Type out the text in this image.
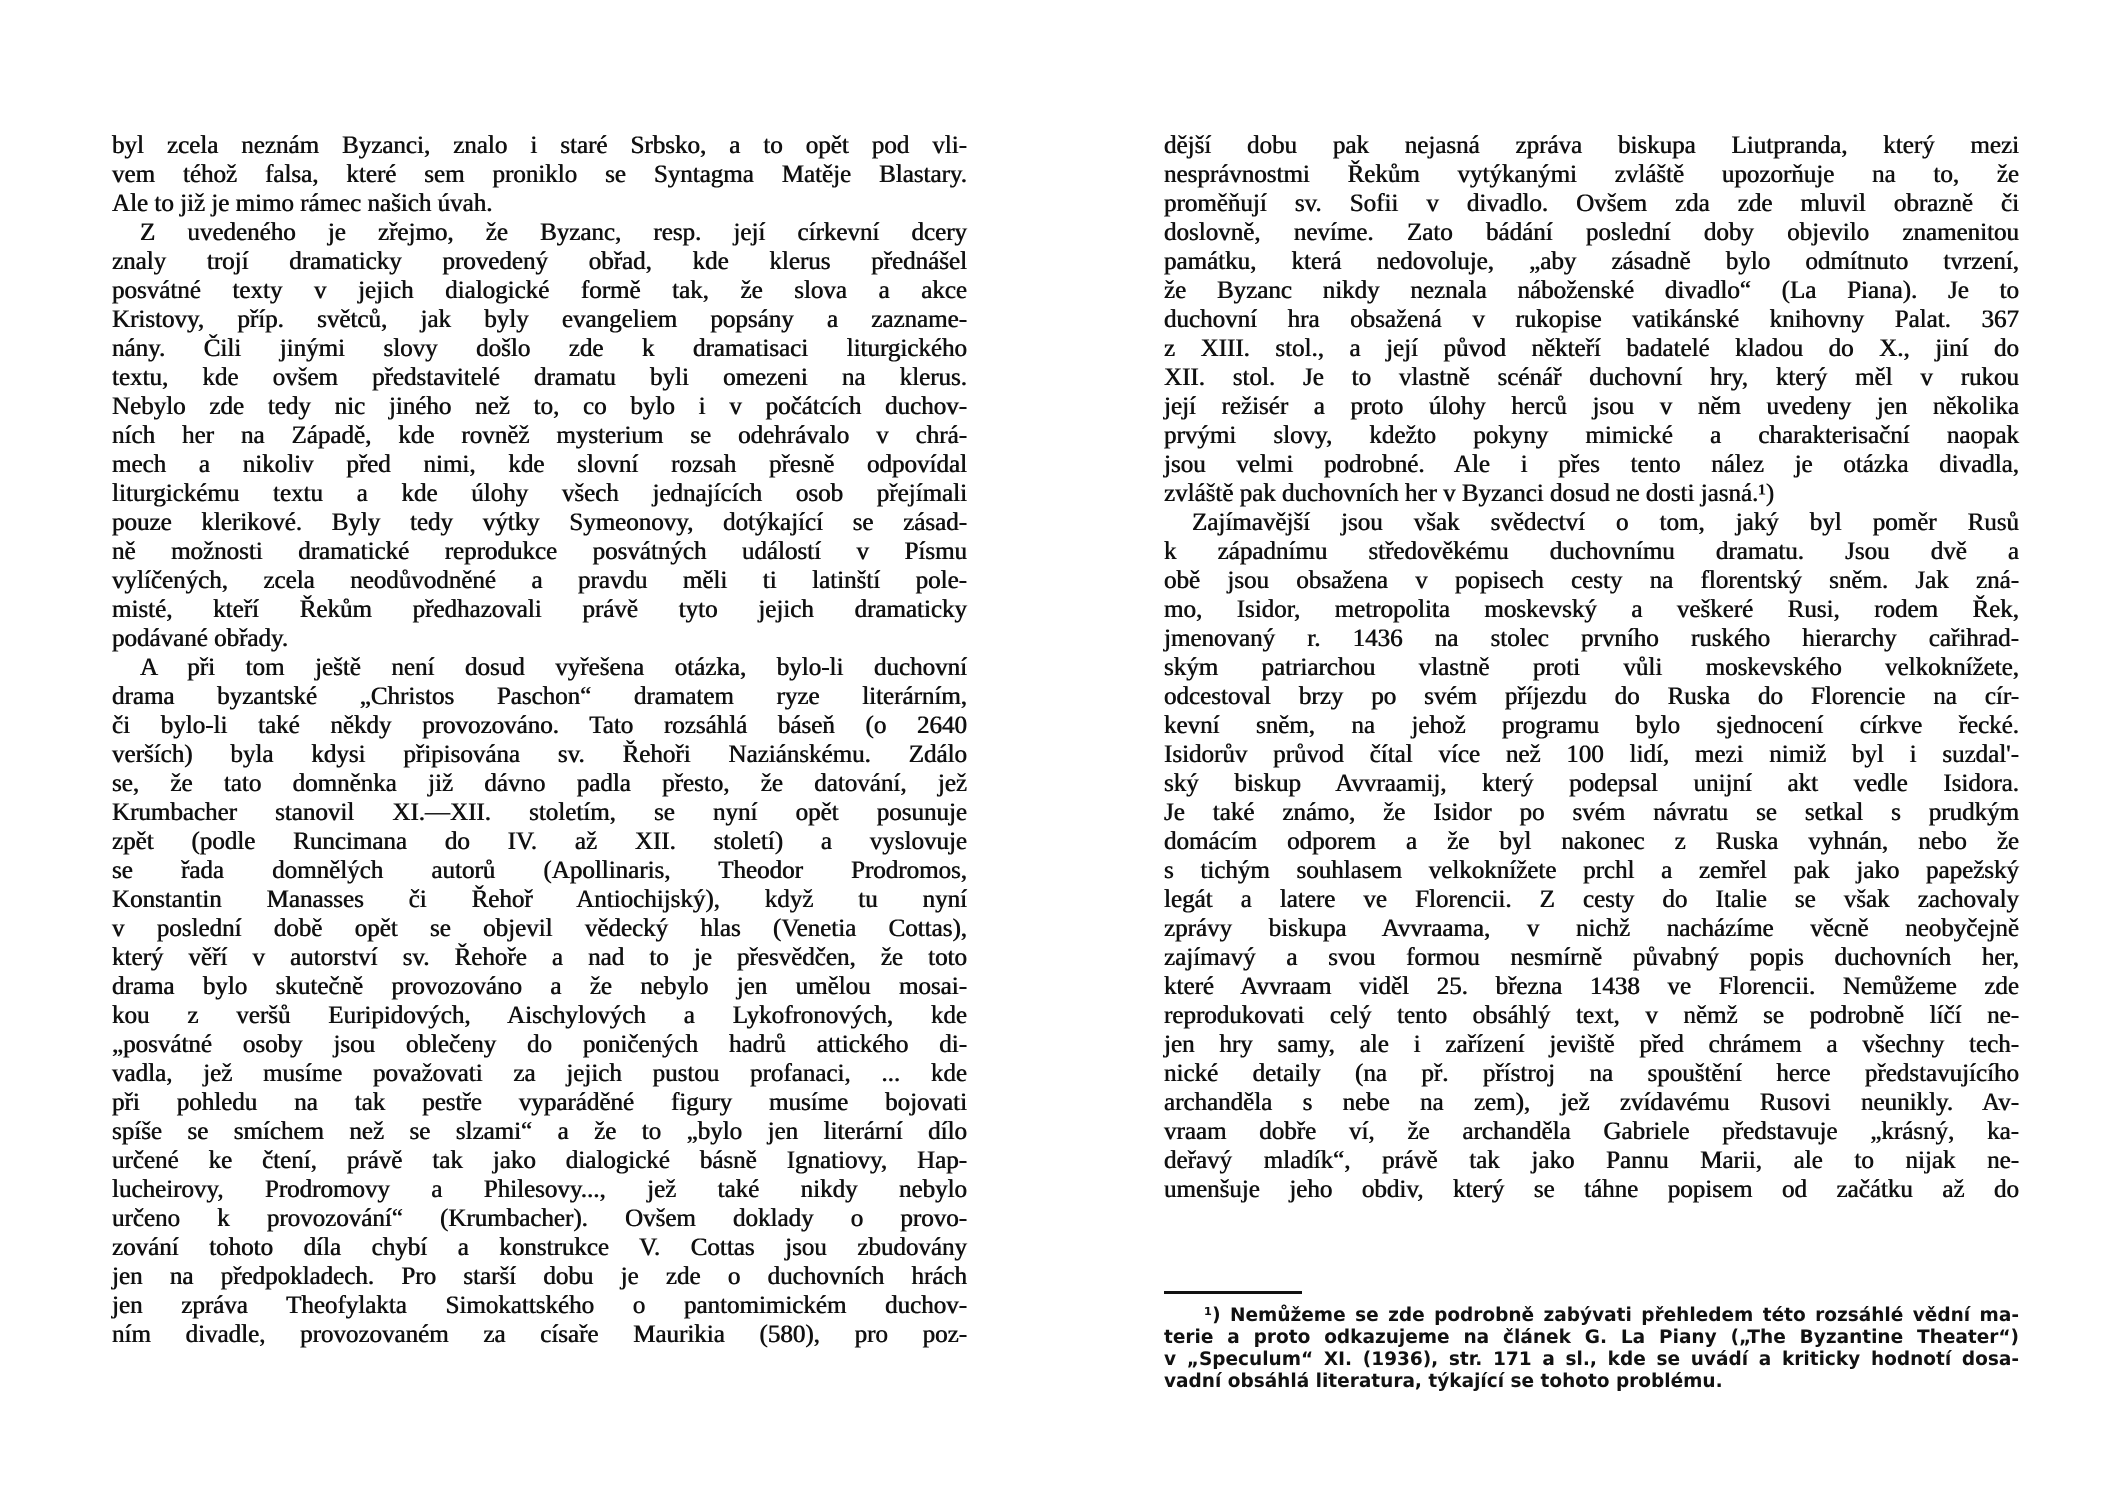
byl zcela neznám Byzanci, znalo i staré Srbsko, a to opět pod vli-
vem téhož falsa, které sem proniklo se Syntagma Matěje Blastary.
Ale to již je mimo rámec našich úvah.
Z uvedeného je zřejmo, že Byzanc, resp. její církevní dcery
znaly trojí dramaticky provedený obřad, kde klerus přednášel
posvátné texty v jejich dialogické formě tak, že slova a akce
Kristovy, příp. světců, jak byly evangeliem popsány a zazname-
nány. Čili jinými slovy došlo zde k dramatisaci liturgického
textu, kde ovšem představitelé dramatu byli omezeni na klerus.
Nebylo zde tedy nic jiného než to, co bylo i v počátcích duchov-
ních her na Západě, kde rovněž mysterium se odehrávalo v chrá-
mech a nikoliv před nimi, kde slovní rozsah přesně odpovídal
liturgickému textu a kde úlohy všech jednajících osob přejímali
pouze klerikové. Byly tedy výtky Symeonovy, dotýkající se zásad-
ně možnosti dramatické reprodukce posvátných událostí v Písmu
vylíčených, zcela neodůvodněné a pravdu měli ti latinští pole-
misté, kteří Řekům předhazovali právě tyto jejich dramaticky
podávané obřady.
A při tom ještě není dosud vyřešena otázka, bylo-li duchovní
drama byzantské „Christos Paschon“ dramatem ryze literárním,
či bylo-li také někdy provozováno. Tato rozsáhlá báseň (o 2640
verších) byla kdysi připisována sv. Řehoři Naziánskému. Zdálo
se, že tato domněnka již dávno padla přesto, že datování, jež
Krumbacher stanovil XI.—XII. stoletím, se nyní opět posunuje
zpět (podle Runcimana do IV. až XII. století) a vyslovuje
se řada domnělých autorů (Apollinaris, Theodor Prodromos,
Konstantin Manasses či Řehoř Antiochijský), když tu nyní
v poslední době opět se objevil vědecký hlas (Venetia Cottas),
který věří v autorství sv. Řehoře a nad to je přesvědčen, že toto
drama bylo skutečně provozováno a že nebylo jen umělou mosai-
kou z veršů Euripidových, Aischylových a Lykofronových, kde
„posvátné osoby jsou oblečeny do poničených hadrů attického di-
vadla, jež musíme považovati za jejich pustou profanaci, ... kde
při pohledu na tak pestře vyparáděné figury musíme bojovati
spíše se smíchem než se slzami“ a že to „bylo jen literární dílo
určené ke čtení, právě tak jako dialogické básně Ignatiovy, Hap-
lucheirovy, Prodromovy a Philesovy..., jež také nikdy nebylo
určeno k provozování“ (Krumbacher). Ovšem doklady o provo-
zování tohoto díla chybí a konstrukce V. Cottas jsou zbudovány
jen na předpokladech. Pro starší dobu je zde o duchovních hrách
jen zpráva Theofylakta Simokattského o pantomimickém duchov-
ním divadle, provozovaném za císaře Maurikia (580), pro poz-
dější dobu pak nejasná zpráva biskupa Liutpranda, který mezi
nesprávnostmi Řekům vytýkanými zvláště upozorňuje na to, že
proměňují sv. Sofii v divadlo. Ovšem zda zde mluvil obrazně či
doslovně, nevíme. Zato bádání poslední doby objevilo znamenitou
památku, která nedovoluje, „aby zásadně bylo odmítnuto tvrzení,
že Byzanc nikdy neznala náboženské divadlo“ (La Piana). Je to
duchovní hra obsažená v rukopise vatikánské knihovny Palat. 367
z XIII. stol., a její původ někteří badatelé kladou do X., jiní do
XII. stol. Je to vlastně scénář duchovní hry, který měl v rukou
její režisér a proto úlohy herců jsou v něm uvedeny jen několika
prvými slovy, kdežto pokyny mimické a charakterisační naopak
jsou velmi podrobné. Ale i přes tento nález je otázka divadla,
zvláště pak duchovních her v Byzanci dosud ne dosti jasná.¹)
Zajímavější jsou však svědectví o tom, jaký byl poměr Rusů
k západnímu středověkému duchovnímu dramatu. Jsou dvě a
obě jsou obsažena v popisech cesty na florentský sněm. Jak zná-
mo, Isidor, metropolita moskevský a veškeré Rusi, rodem Řek,
jmenovaný r. 1436 na stolec prvního ruského hierarchy cařihrad-
ským patriarchou vlastně proti vůli moskevského velkoknížete,
odcestoval brzy po svém příjezdu do Ruska do Florencie na cír-
kevní sněm, na jehož programu bylo sjednocení církve řecké.
Isidorův průvod čítal více než 100 lidí, mezi nimiž byl i suzdal'-
ský biskup Avvraamij, který podepsal unijní akt vedle Isidora.
Je také známo, že Isidor po svém návratu se setkal s prudkým
domácím odporem a že byl nakonec z Ruska vyhnán, nebo že
s tichým souhlasem velkoknížete prchl a zemřel pak jako papežský
legát a latere ve Florencii. Z cesty do Italie se však zachovaly
zprávy biskupa Avvraama, v nichž nacházíme věcně neobyčejně
zajímavý a svou formou nesmírně půvabný popis duchovních her,
které Avvraam viděl 25. března 1438 ve Florencii. Nemůžeme zde
reprodukovati celý tento obsáhlý text, v němž se podrobně líčí ne-
jen hry samy, ale i zařízení jeviště před chrámem a všechny tech-
nické detaily (na př. přístroj na spouštění herce představujícího
archanděla s nebe na zem), jež zvídavému Rusovi neunikly. Av-
vraam dobře ví, že archanděla Gabriele představuje „krásný, ka-
deřavý mladík“, právě tak jako Pannu Marii, ale to nijak ne-
umenšuje jeho obdiv, který se táhne popisem od začátku až do
¹) Nemůžeme se zde podrobně zabývati přehledem této rozsáhlé vědní ma-
terie a proto odkazujeme na článek G. La Piany („The Byzantine Theater“)
v „Speculum“ XI. (1936), str. 171 a sl., kde se uvádí a kriticky hodnotí dosa-
vadní obsáhlá literatura, týkající se tohoto problému.
